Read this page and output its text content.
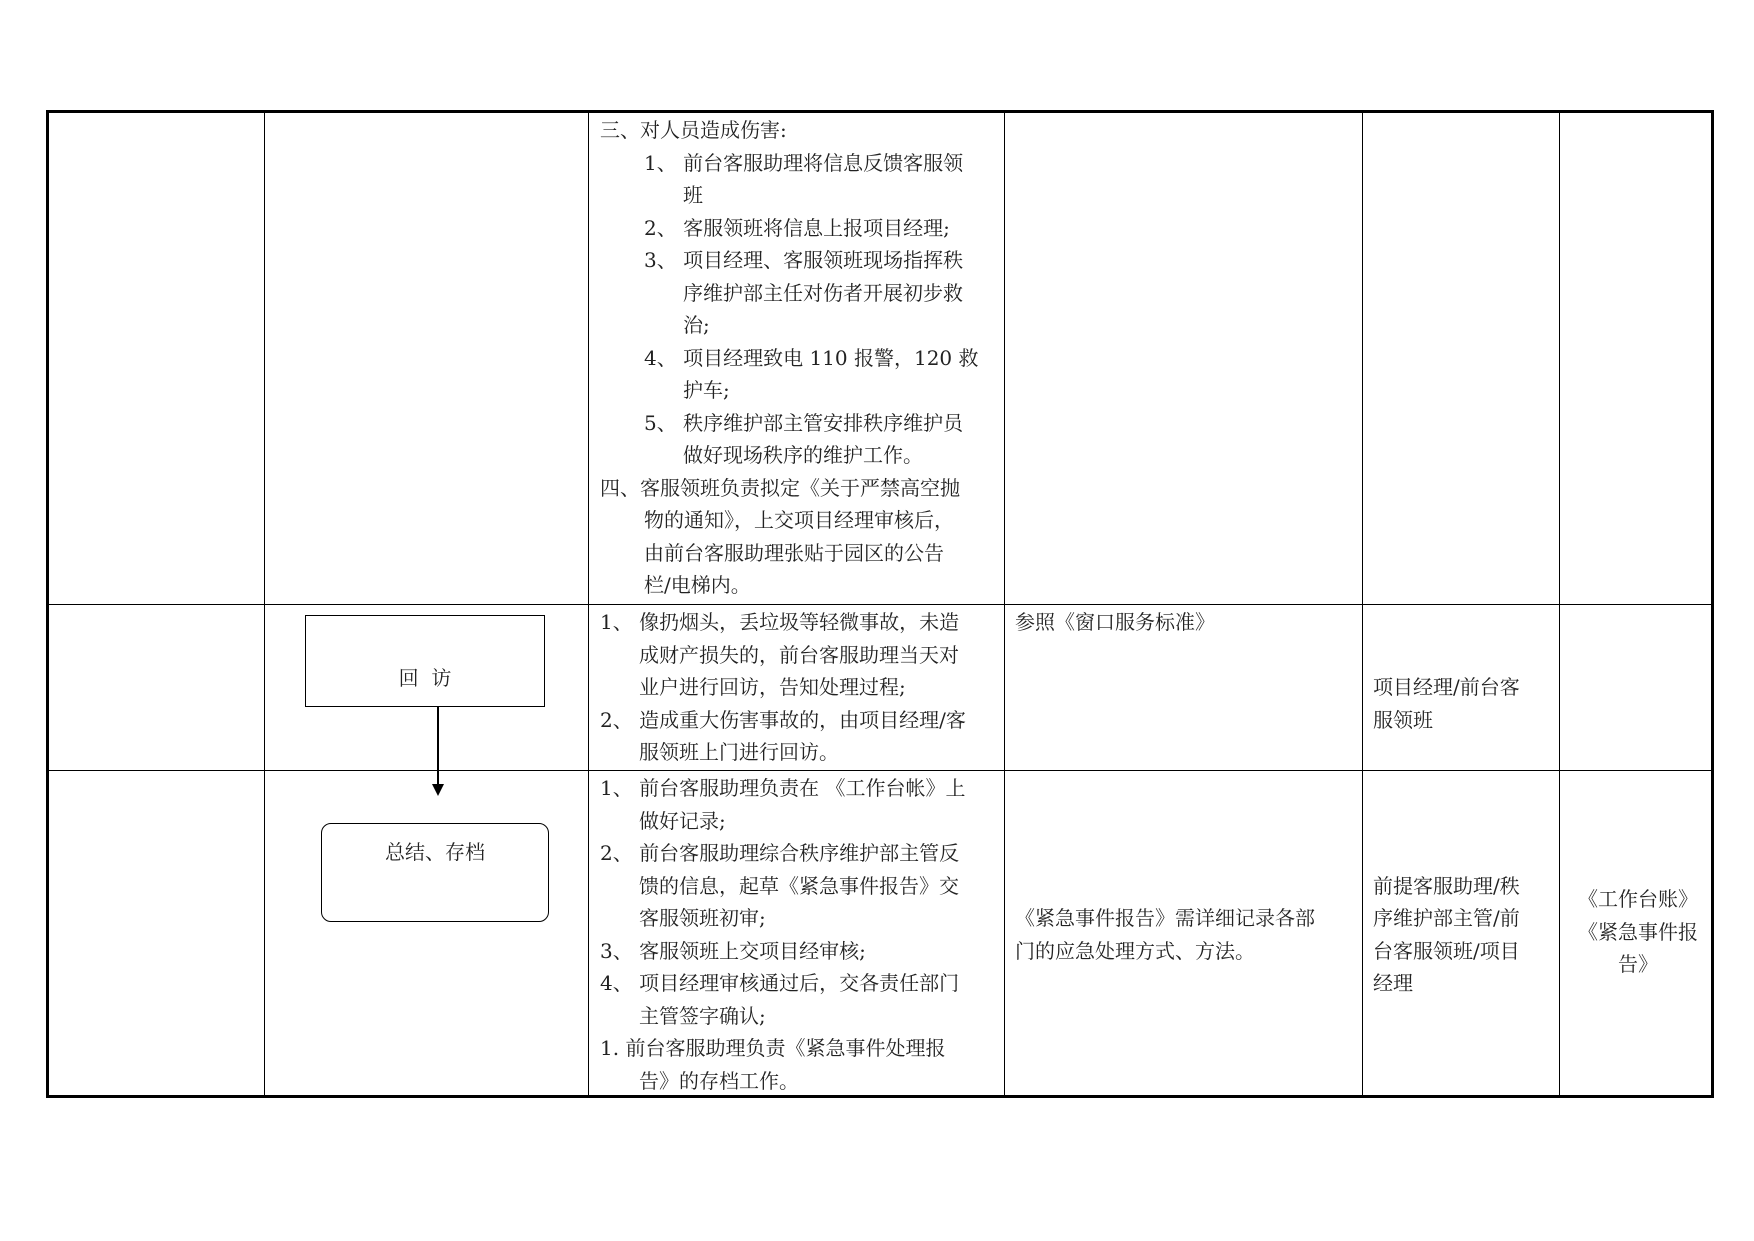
三、对人员造成伤害:
1、 前台客服助理将信息反馈客服领
班
2、 客服领班将信息上报项目经理;
3、 项目经理、客服领班现场指挥秩
序维护部主任对伤者开展初步救
治;
4、 项目经理致电 110 报警，120 救
护车;
5、 秩序维护部主管安排秩序维护员
做好现场秩序的维护工作。
四、客服领班负责拟定《关于严禁高空抛
物的通知》，上交项目经理审核后，
由前台客服助理张贴于园区的公告
栏/电梯内。
回  访
1、 像扔烟头，丢垃圾等轻微事故，未造
成财产损失的，前台客服助理当天对
业户进行回访，告知处理过程;
2、 造成重大伤害事故的，由项目经理/客
服领班上门进行回访。
参照《窗口服务标准》
项目经理/前台客
服领班
总结、存档
1、 前台客服助理负责在 《工作台帐》上
做好记录;
2、 前台客服助理综合秩序维护部主管反
馈的信息，起草《紧急事件报告》交
客服领班初审;
3、 客服领班上交项目经审核;
4、 项目经理审核通过后，交各责任部门
主管签字确认;
1. 前台客服助理负责《紧急事件处理报
告》的存档工作。
《紧急事件报告》需详细记录各部
门的应急处理方式、方法。
前提客服助理/秩
序维护部主管/前
台客服领班/项目
经理
《工作台账》
《紧急事件报
告》
